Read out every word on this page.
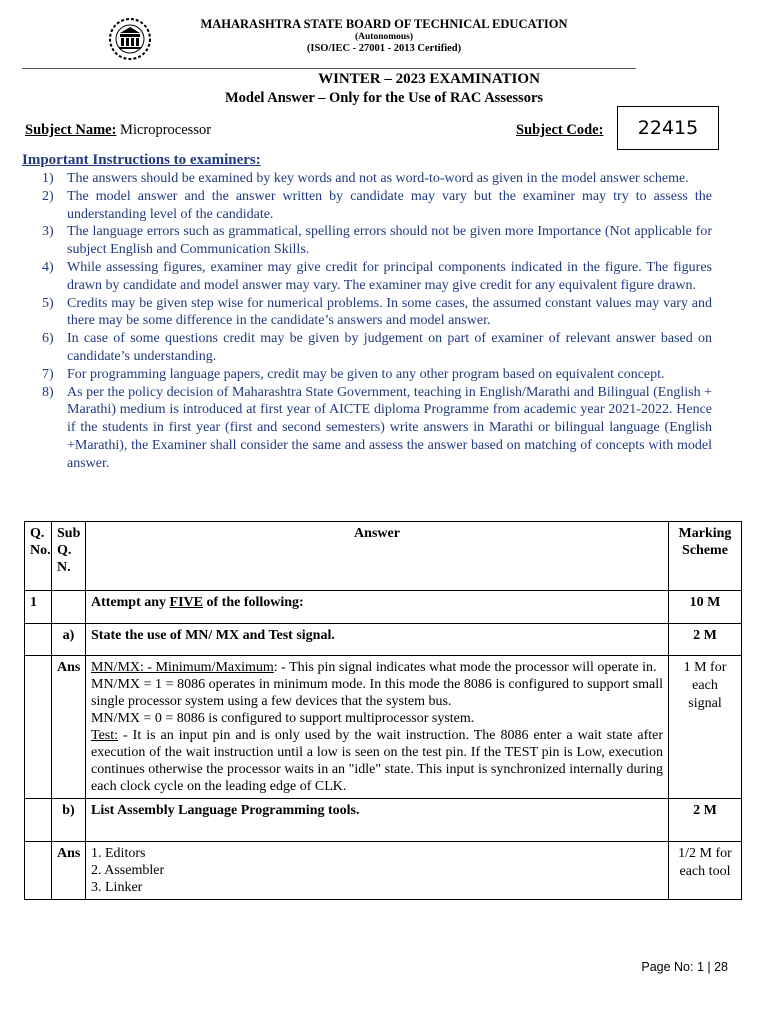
MAHARASHTRA STATE BOARD OF TECHNICAL EDUCATION
(Autonomous)
(ISO/IEC - 27001 - 2013 Certified)
WINTER – 2023 EXAMINATION
Model Answer – Only for the Use of RAC Assessors
Subject Name: Microprocessor	Subject Code:	22415
Important Instructions to examiners:
1) The answers should be examined by key words and not as word-to-word as given in the model answer scheme.
2) The model answer and the answer written by candidate may vary but the examiner may try to assess the understanding level of the candidate.
3) The language errors such as grammatical, spelling errors should not be given more Importance (Not applicable for subject English and Communication Skills.
4) While assessing figures, examiner may give credit for principal components indicated in the figure. The figures drawn by candidate and model answer may vary. The examiner may give credit for any equivalent figure drawn.
5) Credits may be given step wise for numerical problems. In some cases, the assumed constant values may vary and there may be some difference in the candidate’s answers and model answer.
6) In case of some questions credit may be given by judgement on part of examiner of relevant answer based on candidate’s understanding.
7) For programming language papers, credit may be given to any other program based on equivalent concept.
8) As per the policy decision of Maharashtra State Government, teaching in English/Marathi and Bilingual (English + Marathi) medium is introduced at first year of AICTE diploma Programme from academic year 2021-2022. Hence if the students in first year (first and second semesters) write answers in Marathi or bilingual language (English +Marathi), the Examiner shall consider the same and assess the answer based on matching of concepts with model answer.
Q. No.	Sub Q. N.	Answer	Marking Scheme
1		Attempt any FIVE of the following:	10 M
	a)	State the use of MN/ MX and Test signal.	2 M
	Ans	MN/MX: - Minimum/Maximum: - This pin signal indicates what mode the processor will operate in.
MN/MX = 1 = 8086 operates in minimum mode. In this mode the 8086 is configured to support small single processor system using a few devices that the system bus.
MN/MX = 0 = 8086 is configured to support multiprocessor system.
Test: - It is an input pin and is only used by the wait instruction. The 8086 enter a wait state after execution of the wait instruction until a low is seen on the test pin. If the TEST pin is Low, execution continues otherwise the processor waits in an "idle" state. This input is synchronized internally during each clock cycle on the leading edge of CLK.	1 M for each signal
	b)	List Assembly Language Programming tools.	2 M
	Ans	1. Editors
2. Assembler
3. Linker	1/2 M for each tool
Page No: 1 | 28
